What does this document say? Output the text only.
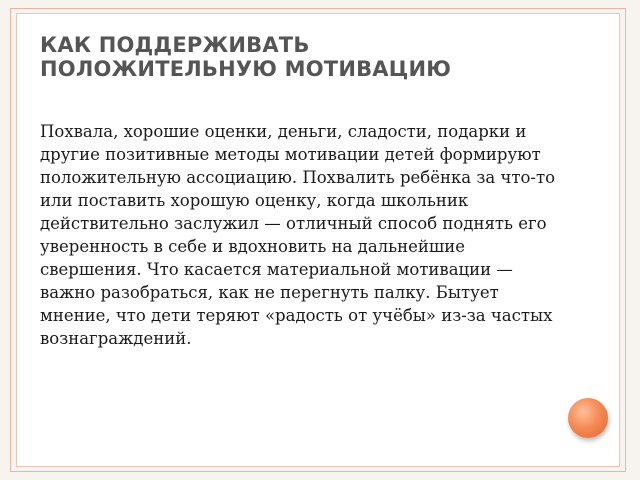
КАК ПОДДЕРЖИВАТЬ
ПОЛОЖИТЕЛЬНУЮ МОТИВАЦИЮ

Похвала, хорошие оценки, деньги, сладости, подарки и другие позитивные методы мотивации детей формируют положительную ассоциацию. Похвалить ребёнка за что-то или поставить хорошую оценку, когда школьник действительно заслужил — отличный способ поднять его уверенность в себе и вдохновить на дальнейшие свершения. Что касается материальной мотивации — важно разобраться, как не перегнуть палку. Бытует мнение, что дети теряют «радость от учёбы» из-за частых вознаграждений.
